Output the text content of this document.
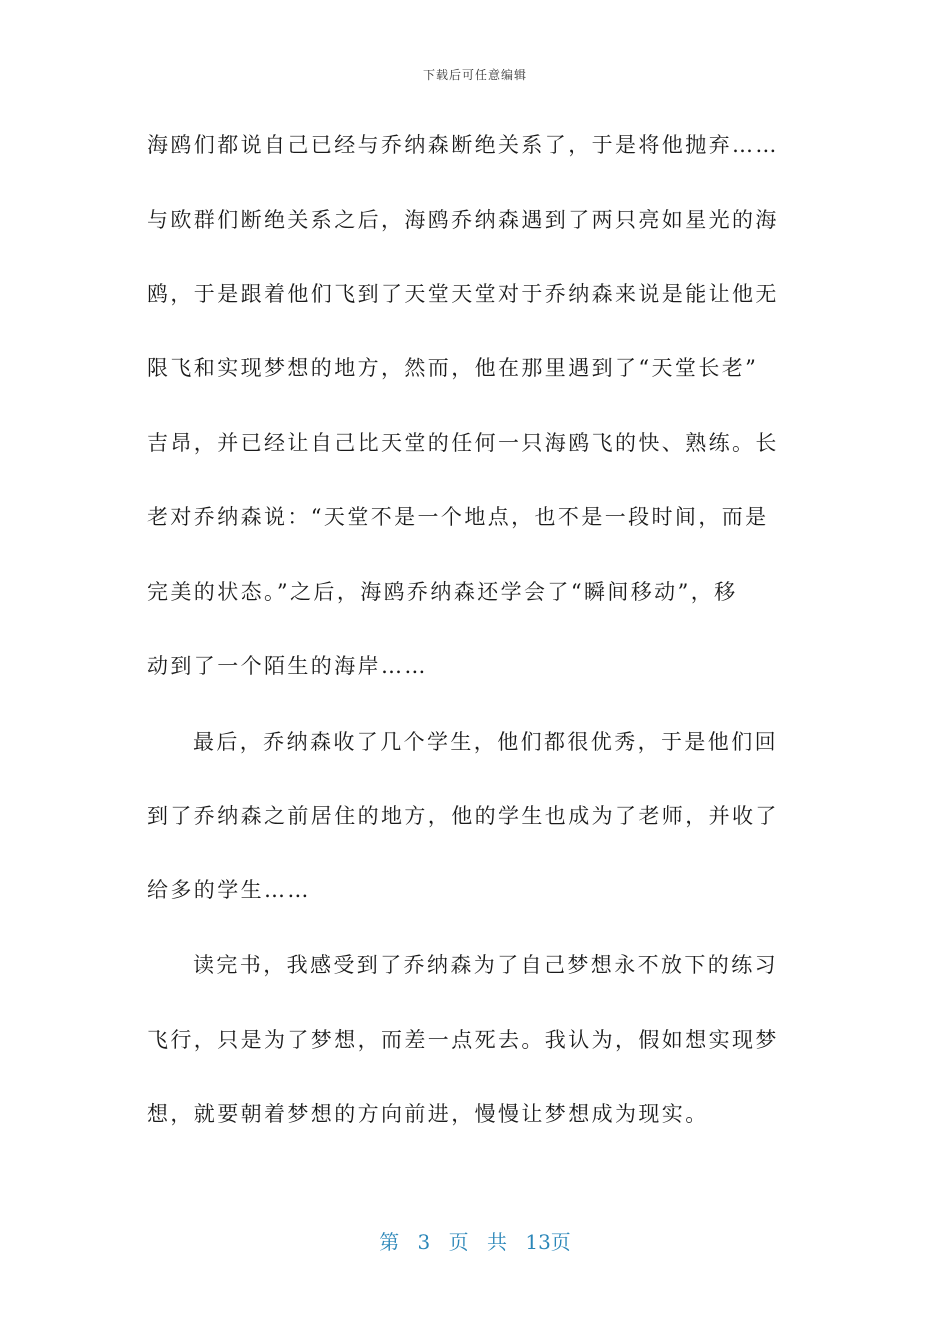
下载后可任意编辑
海鸥们都说自己已经与乔纳森断绝关系了，于是将他抛弃……
与欧群们断绝关系之后，海鸥乔纳森遇到了两只亮如星光的海
鸥，于是跟着他们飞到了天堂天堂对于乔纳森来说是能让他无
限飞和实现梦想的地方，然而，他在那里遇到了“天堂长老”
吉昂，并已经让自己比天堂的任何一只海鸥飞的快、熟练。长
老对乔纳森说：“天堂不是一个地点，也不是一段时间，而是
完美的状态。”之后，海鸥乔纳森还学会了“瞬间移动”，移
动到了一个陌生的海岸……
最后，乔纳森收了几个学生，他们都很优秀，于是他们回
到了乔纳森之前居住的地方，他的学生也成为了老师，并收了
给多的学生……
读完书，我感受到了乔纳森为了自己梦想永不放下的练习
飞行，只是为了梦想，而差一点死去。我认为，假如想实现梦
想，就要朝着梦想的方向前进，慢慢让梦想成为现实。
第 3 页 共 13页
